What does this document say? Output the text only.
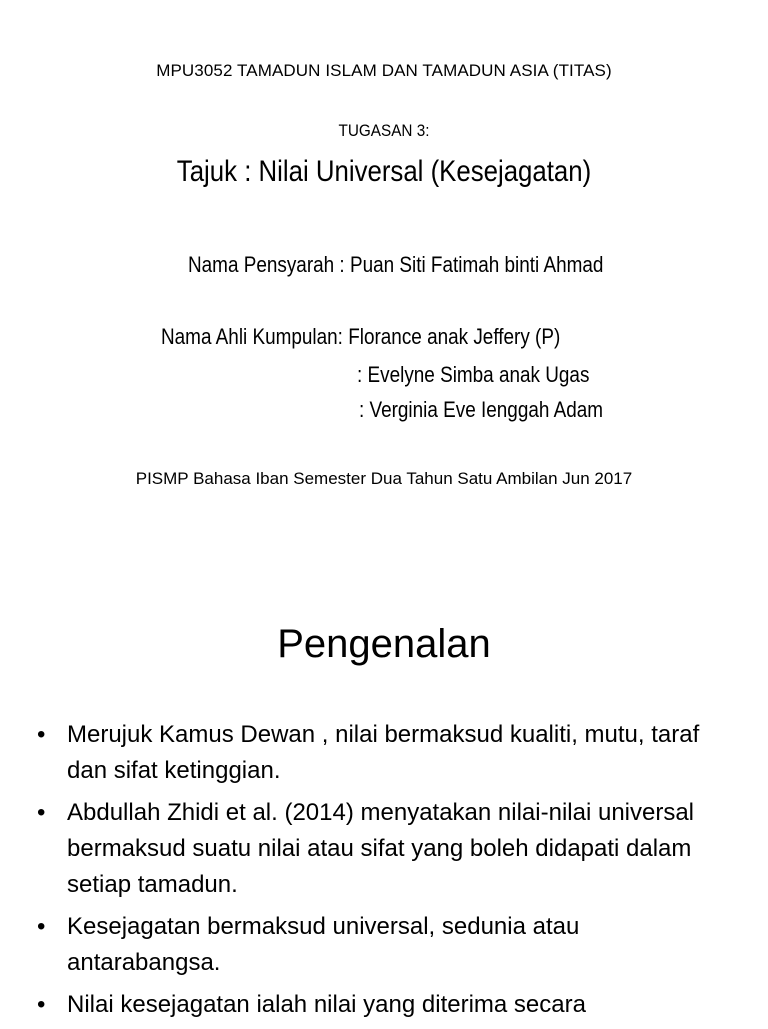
MPU3052 TAMADUN ISLAM DAN TAMADUN ASIA (TITAS)

TUGASAN 3:

Tajuk : Nilai Universal (Kesejagatan)

Nama Pensyarah : Puan Siti Fatimah binti Ahmad

Nama Ahli Kumpulan: Florance anak Jeffery (P)

: Evelyne Simba anak Ugas

: Verginia Eve Ienggah Adam

PISMP Bahasa Iban Semester Dua Tahun Satu Ambilan Jun 2017

Pengenalan

• Merujuk Kamus Dewan , nilai bermaksud kualiti, mutu, taraf dan sifat ketinggian.
• Abdullah Zhidi et al. (2014) menyatakan nilai-nilai universal bermaksud suatu nilai atau sifat yang boleh didapati dalam setiap tamadun.
• Kesejagatan bermaksud universal, sedunia atau antarabangsa.
• Nilai kesejagatan ialah nilai yang diterima secara
